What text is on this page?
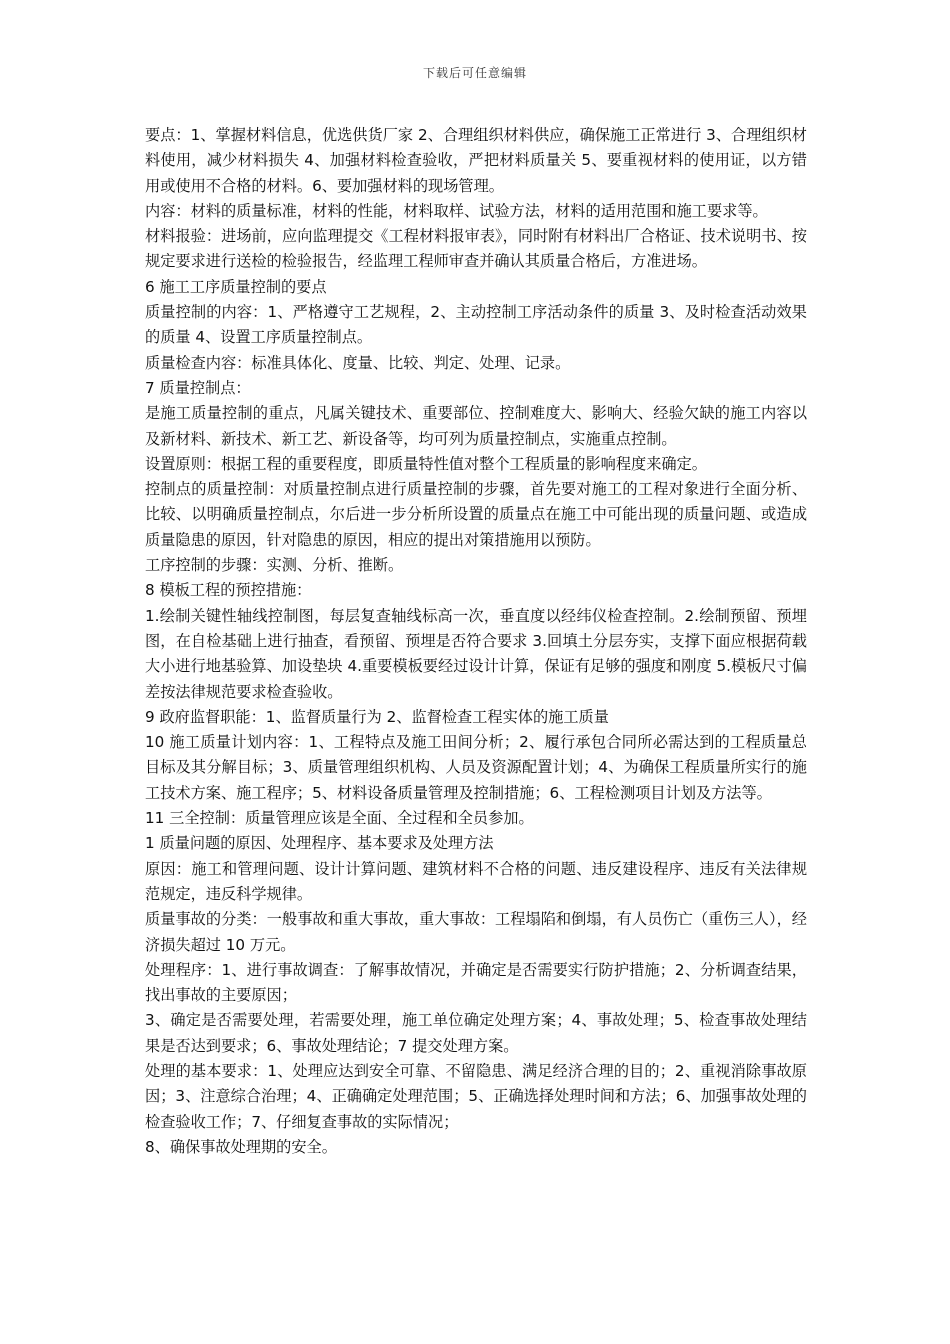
下载后可任意编辑

要点：1、掌握材料信息，优选供货厂家 2、合理组织材料供应，确保施工正常进行 3、合理组织材料使用，减少材料损失 4、加强材料检查验收，严把材料质量关 5、要重视材料的使用证，以方错用或使用不合格的材料。6、要加强材料的现场管理。

内容：材料的质量标准，材料的性能，材料取样、试验方法，材料的适用范围和施工要求等。

材料报验：进场前，应向监理提交《工程材料报审表》，同时附有材料出厂合格证、技术说明书、按规定要求进行送检的检验报告，经监理工程师审查并确认其质量合格后，方准进场。

6 施工工序质量控制的要点

质量控制的内容：1、严格遵守工艺规程，2、主动控制工序活动条件的质量 3、及时检查活动效果的质量 4、设置工序质量控制点。

质量检查内容：标准具体化、度量、比较、判定、处理、记录。

7 质量控制点：

是施工质量控制的重点，凡属关键技术、重要部位、控制难度大、影响大、经验欠缺的施工内容以及新材料、新技术、新工艺、新设备等，均可列为质量控制点，实施重点控制。

设置原则：根据工程的重要程度，即质量特性值对整个工程质量的影响程度来确定。

控制点的质量控制：对质量控制点进行质量控制的步骤，首先要对施工的工程对象进行全面分析、比较、以明确质量控制点，尔后进一步分析所设置的质量点在施工中可能出现的质量问题、或造成质量隐患的原因，针对隐患的原因，相应的提出对策措施用以预防。

工序控制的步骤：实测、分析、推断。

8 模板工程的预控措施：

1.绘制关键性轴线控制图，每层复查轴线标高一次，垂直度以经纬仪检查控制。2.绘制预留、预埋图，在自检基础上进行抽查，看预留、预埋是否符合要求 3.回填土分层夯实，支撑下面应根据荷载大小进行地基验算、加设垫块 4.重要模板要经过设计计算，保证有足够的强度和刚度 5.模板尺寸偏差按法律规范要求检查验收。

9 政府监督职能：1、监督质量行为 2、监督检查工程实体的施工质量

10 施工质量计划内容：1、工程特点及施工田间分析；2、履行承包合同所必需达到的工程质量总目标及其分解目标；3、质量管理组织机构、人员及资源配置计划；4、为确保工程质量所实行的施工技术方案、施工程序；5、材料设备质量管理及控制措施；6、工程检测项目计划及方法等。

11 三全控制：质量管理应该是全面、全过程和全员参加。

1 质量问题的原因、处理程序、基本要求及处理方法

原因：施工和管理问题、设计计算问题、建筑材料不合格的问题、违反建设程序、违反有关法律规范规定，违反科学规律。

质量事故的分类：一般事故和重大事故，重大事故：工程塌陷和倒塌，有人员伤亡（重伤三人），经济损失超过 10 万元。

处理程序：1、进行事故调查：了解事故情况，并确定是否需要实行防护措施；2、分析调查结果，找出事故的主要原因；

3、确定是否需要处理，若需要处理，施工单位确定处理方案；4、事故处理；5、检查事故处理结果是否达到要求；6、事故处理结论；7 提交处理方案。

处理的基本要求：1、处理应达到安全可靠、不留隐患、满足经济合理的目的；2、重视消除事故原因；3、注意综合治理；4、正确确定处理范围；5、正确选择处理时间和方法；6、加强事故处理的检查验收工作；7、仔细复查事故的实际情况；

8、确保事故处理期的安全。
